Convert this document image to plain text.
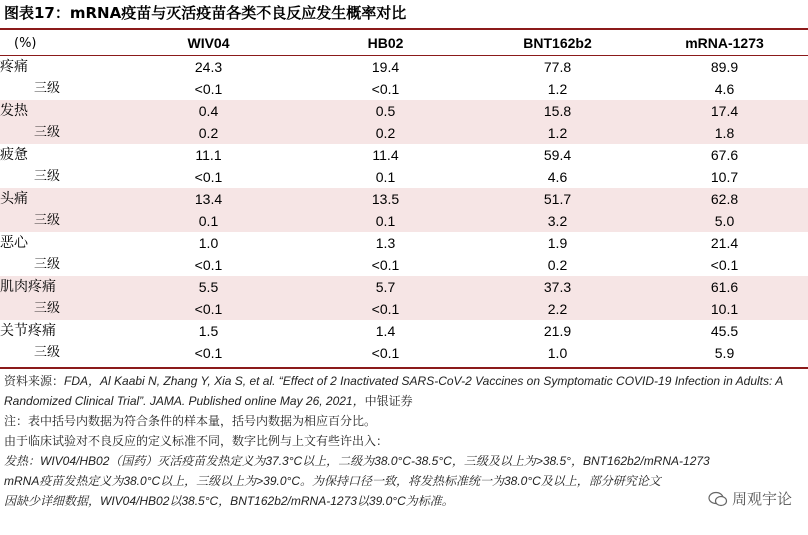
图表17：mRNA疫苗与灭活疫苗各类不良反应发生概率对比
(%)	WIV04	HB02	BNT162b2	mRNA-1273
疼痛	24.3	19.4	77.8	89.9
三级	<0.1	<0.1	1.2	4.6
发热	0.4	0.5	15.8	17.4
三级	0.2	0.2	1.2	1.8
疲惫	11.1	11.4	59.4	67.6
三级	<0.1	0.1	4.6	10.7
头痛	13.4	13.5	51.7	62.8
三级	0.1	0.1	3.2	5.0
恶心	1.0	1.3	1.9	21.4
三级	<0.1	<0.1	0.2	<0.1
肌肉疼痛	5.5	5.7	37.3	61.6
三级	<0.1	<0.1	2.2	10.1
关节疼痛	1.5	1.4	21.9	45.5
三级	<0.1	<0.1	1.0	5.9
资料来源：FDA，Al Kaabi N, Zhang Y, Xia S, et al. “Effect of 2 Inactivated SARS-CoV-2 Vaccines on Symptomatic COVID-19 Infection in Adults: A
Randomized Clinical Trial”. JAMA. Published online May 26, 2021，中银证券
注：表中括号内数据为符合条件的样本量，括号内数据为相应百分比。
由于临床试验对不良反应的定义标准不同，数字比例与上文有些许出入：
发热：WIV04/HB02（国药）灭活疫苗发热定义为37.3°C以上，二级为38.0°C-38.5°C，三级及以上为>38.5°，BNT162b2/mRNA-1273
mRNA疫苗发热定义为38.0°C以上，三级以上为>39.0°C。为保持口径一致，将发热标准统一为38.0°C及以上，部分研究论文
因缺少详细数据，WIV04/HB02以38.5°C，BNT162b2/mRNA-1273以39.0°C为标准。	周观宇论
